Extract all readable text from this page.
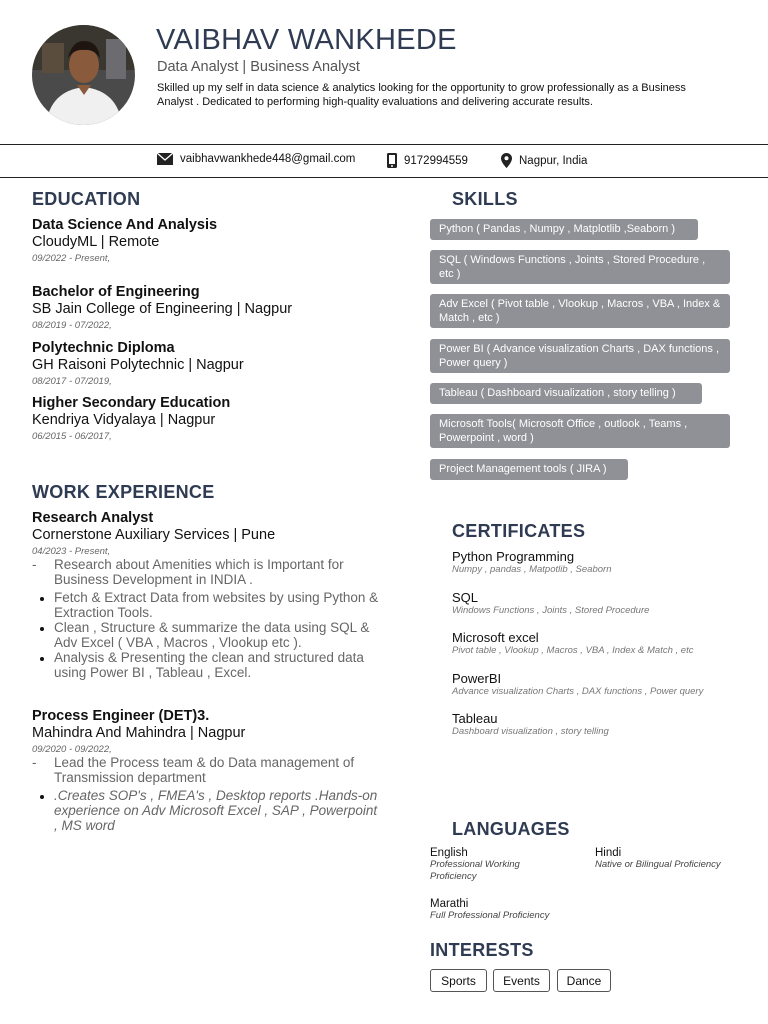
VAIBHAV WANKHEDE
Data Analyst | Business Analyst
Skilled up my self in data science & analytics looking for the opportunity to grow professionally as a Business Analyst . Dedicated to performing high-quality evaluations and delivering accurate results.
vaibhavwankhede448@gmail.com	9172994559	Nagpur, India
EDUCATION
Data Science And Analysis
CloudyML | Remote
09/2022 - Present,
Bachelor of Engineering
SB Jain College of Engineering | Nagpur
08/2019 - 07/2022,
Polytechnic Diploma
GH Raisoni Polytechnic | Nagpur
08/2017 - 07/2019,
Higher Secondary Education
Kendriya Vidyalaya | Nagpur
06/2015 - 06/2017,
WORK EXPERIENCE
Research Analyst
Cornerstone Auxiliary Services | Pune
04/2023 - Present,
- Research about Amenities which is Important for Business Development in INDIA .
• Fetch & Extract Data from websites by using Python & Extraction Tools.
• Clean , Structure & summarize the data using SQL & Adv Excel ( VBA , Macros , Vlookup etc ).
• Analysis & Presenting the clean and structured data using Power BI , Tableau , Excel.
Process Engineer (DET)3.
Mahindra And Mahindra | Nagpur
09/2020 - 09/2022,
- Lead the Process team & do Data management of Transmission department
• .Creates SOP's , FMEA's , Desktop reports .Hands-on experience on Adv Microsoft Excel , SAP , Powerpoint , MS word
SKILLS
Python ( Pandas , Numpy , Matplotlib ,Seaborn )
SQL ( Windows Functions , Joints , Stored Procedure , etc )
Adv Excel ( Pivot table , Vlookup , Macros , VBA , Index & Match , etc )
Power BI ( Advance visualization Charts , DAX functions , Power query )
Tableau ( Dashboard visualization , story telling )
Microsoft Tools( Microsoft Office , outlook , Teams , Powerpoint , word )
Project Management tools ( JIRA )
CERTIFICATES
Python Programming
Numpy , pandas , Matpotlib , Seaborn
SQL
Windows Functions , Joints , Stored Procedure
Microsoft excel
Pivot table , Vlookup , Macros , VBA , Index & Match , etc
PowerBI
Advance visualization Charts , DAX functions , Power query
Tableau
Dashboard visualization , story telling
LANGUAGES
English
Professional Working Proficiency
Hindi
Native or Bilingual Proficiency
Marathi
Full Professional Proficiency
INTERESTS
Sports	Events	Dance
